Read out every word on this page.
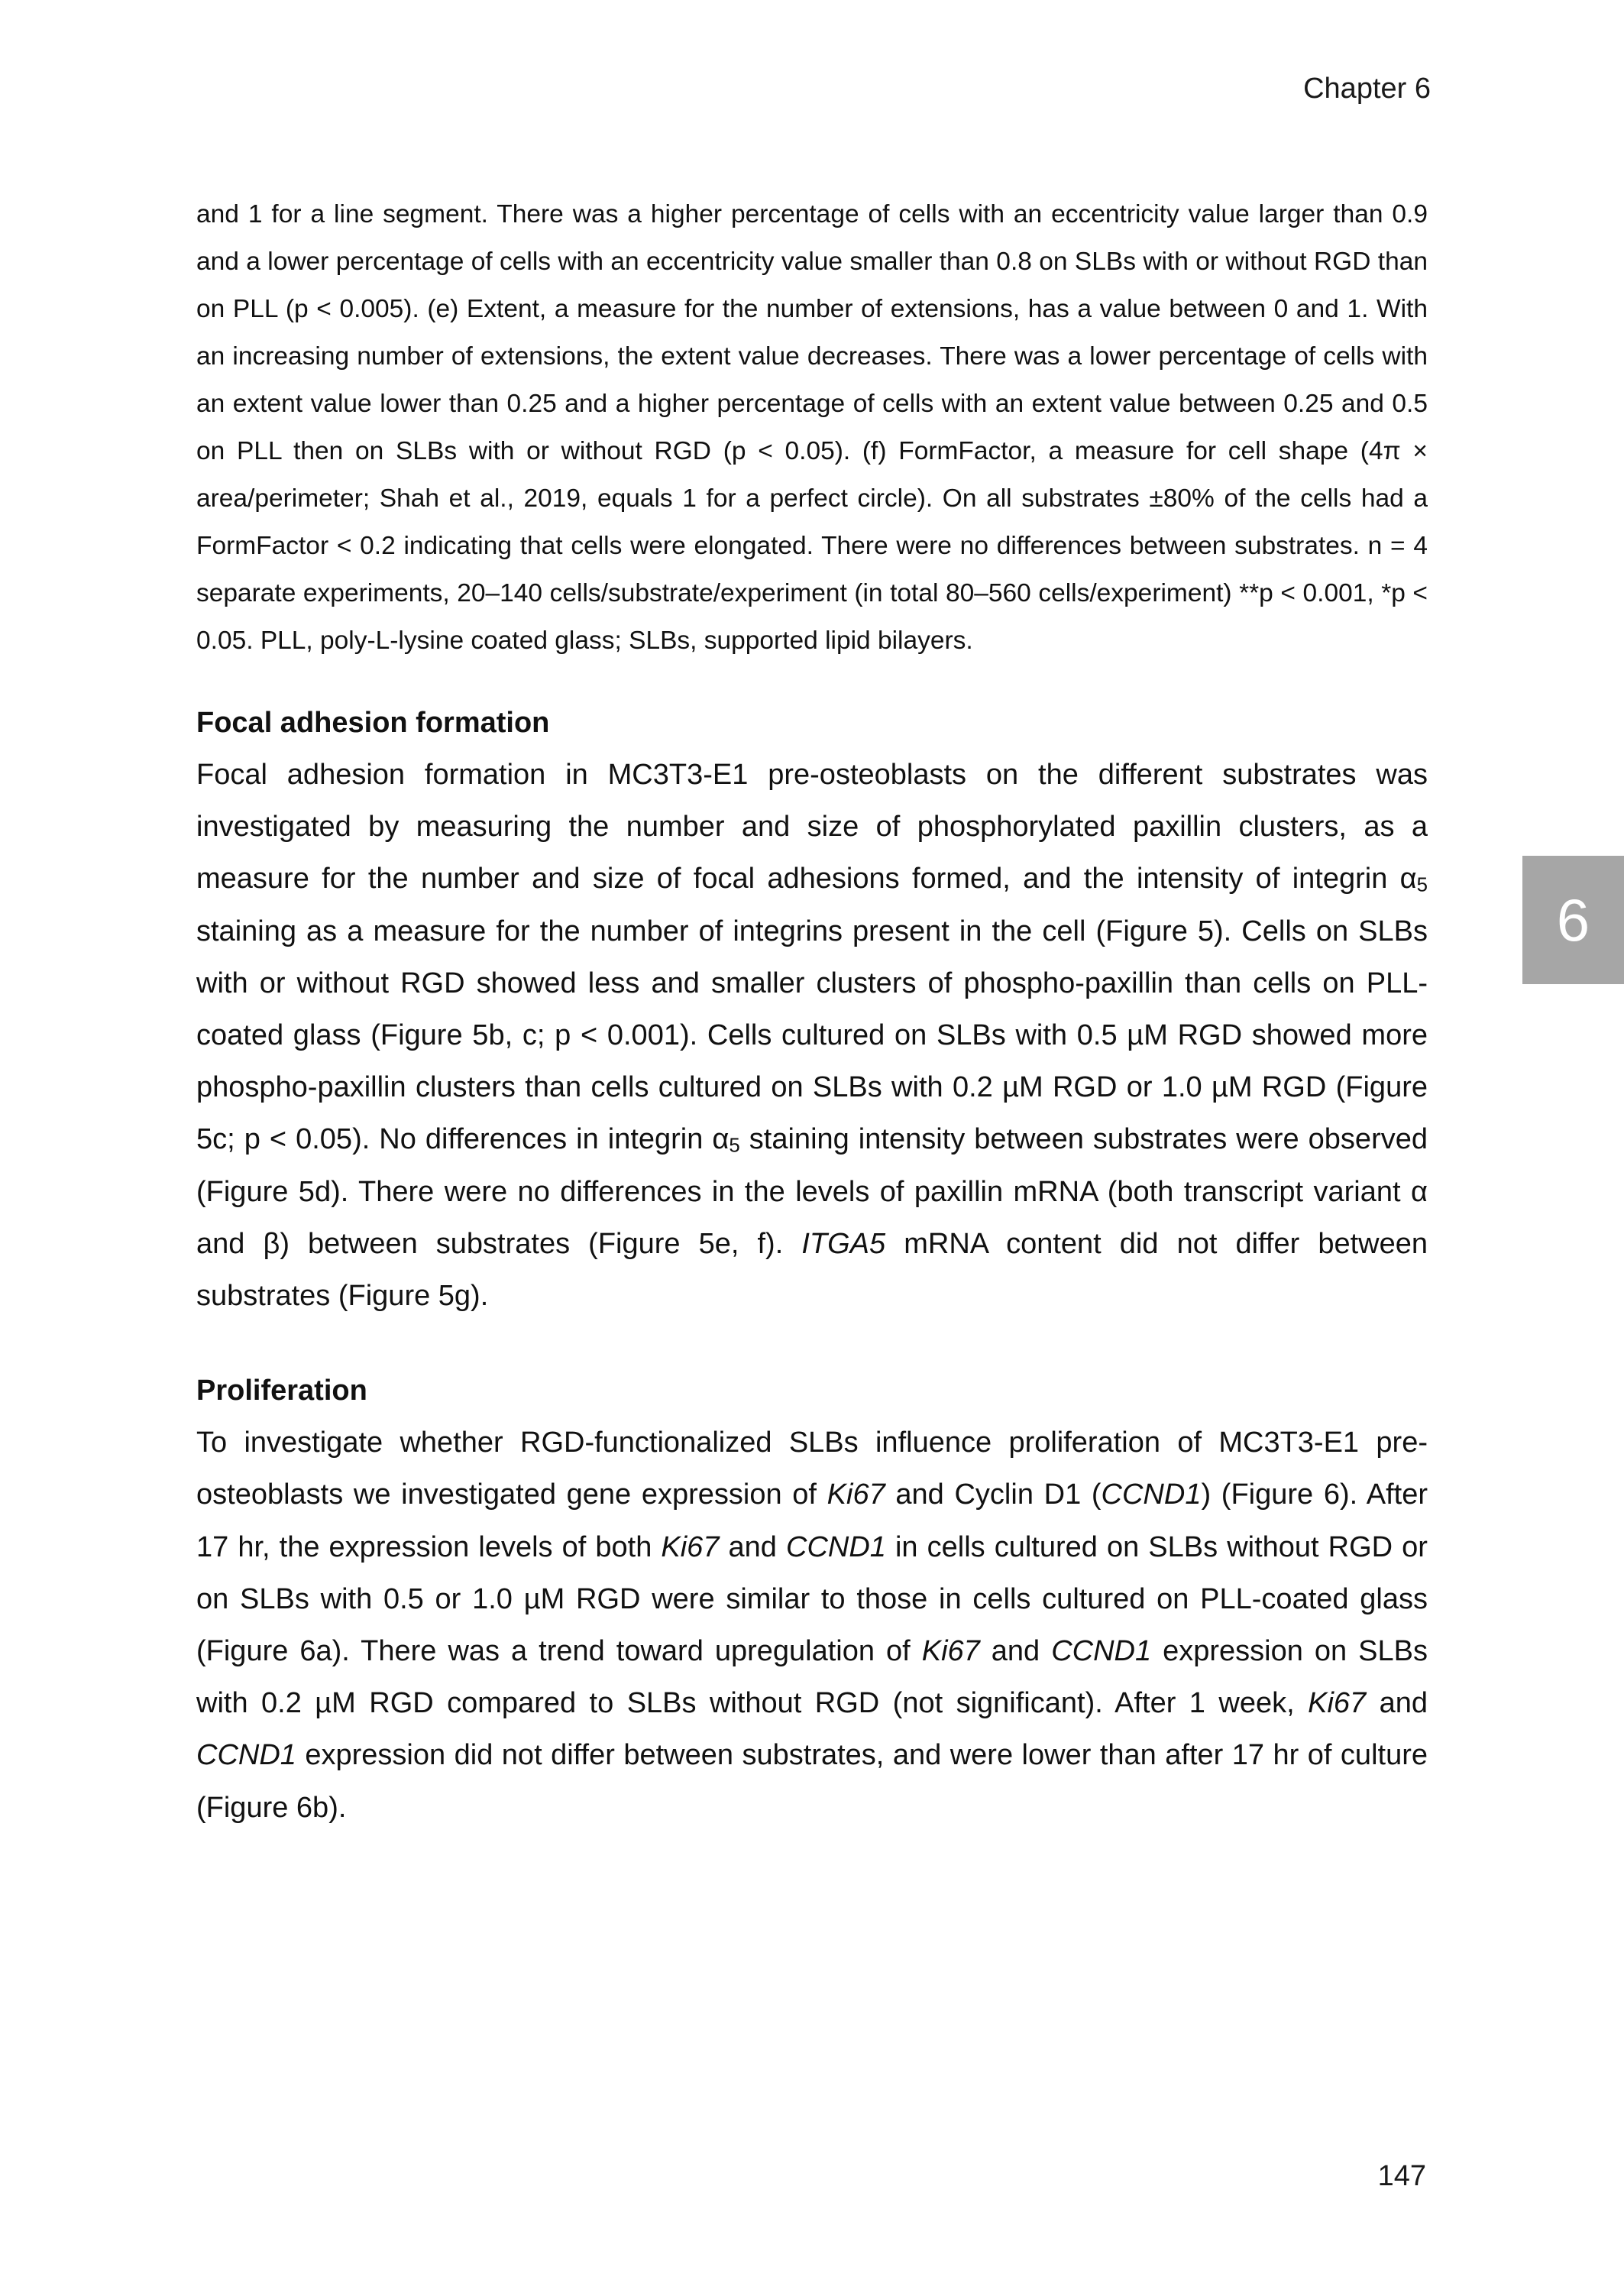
Chapter 6
6

and 1 for a line segment. There was a higher percentage of cells with an eccentricity value larger than 0.9 and a lower percentage of cells with an eccentricity value smaller than 0.8 on SLBs with or without RGD than on PLL (p < 0.005). (e) Extent, a measure for the number of extensions, has a value between 0 and 1. With an increasing number of extensions, the extent value decreases. There was a lower percentage of cells with an extent value lower than 0.25 and a higher percentage of cells with an extent value between 0.25 and 0.5 on PLL then on SLBs with or without RGD (p < 0.05). (f) FormFactor, a measure for cell shape (4π × area/perimeter; Shah et al., 2019, equals 1 for a perfect circle). On all substrates ±80% of the cells had a FormFactor < 0.2 indicating that cells were elongated. There were no differences between substrates. n = 4 separate experiments, 20–140 cells/substrate/experiment (in total 80–560 cells/experiment) **p < 0.001, *p < 0.05. PLL, poly-L-lysine coated glass; SLBs, supported lipid bilayers.

Focal adhesion formation

Focal adhesion formation in MC3T3-E1 pre-osteoblasts on the different substrates was investigated by measuring the number and size of phosphorylated paxillin clusters, as a measure for the number and size of focal adhesions formed, and the intensity of integrin α5 staining as a measure for the number of integrins present in the cell (Figure 5). Cells on SLBs with or without RGD showed less and smaller clusters of phospho-paxillin than cells on PLL-coated glass (Figure 5b, c; p < 0.001). Cells cultured on SLBs with 0.5 µM RGD showed more phospho-paxillin clusters than cells cultured on SLBs with 0.2 µM RGD or 1.0 µM RGD (Figure 5c; p < 0.05). No differences in integrin α5 staining intensity between substrates were observed (Figure 5d). There were no differences in the levels of paxillin mRNA (both transcript variant α and β) between substrates (Figure 5e, f). ITGA5 mRNA content did not differ between substrates (Figure 5g).

Proliferation

To investigate whether RGD-functionalized SLBs influence proliferation of MC3T3-E1 pre-osteoblasts we investigated gene expression of Ki67 and Cyclin D1 (CCND1) (Figure 6). After 17 hr, the expression levels of both Ki67 and CCND1 in cells cultured on SLBs without RGD or on SLBs with 0.5 or 1.0 µM RGD were similar to those in cells cultured on PLL-coated glass (Figure 6a). There was a trend toward upregulation of Ki67 and CCND1 expression on SLBs with 0.2 µM RGD compared to SLBs without RGD (not significant). After 1 week, Ki67 and CCND1 expression did not differ between substrates, and were lower than after 17 hr of culture (Figure 6b).

147
